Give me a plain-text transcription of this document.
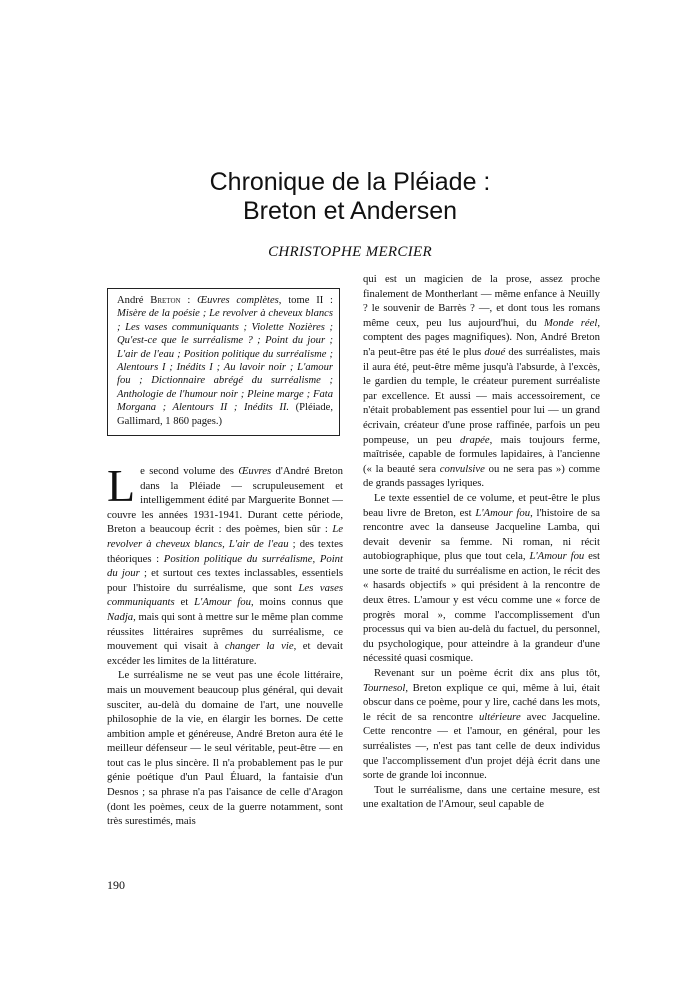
Chronique de la Pléiade :
Breton et Andersen
CHRISTOPHE MERCIER
André Breton : Œuvres complètes, tome II : Misère de la poésie ; Le revolver à cheveux blancs ; Les vases communiquants ; Violette Nozières ; Qu'est-ce que le surréalisme ? ; Point du jour ; L'air de l'eau ; Position politique du surréalisme ; Alentours I ; Inédits I ; Au lavoir noir ; L'amour fou ; Dictionnaire abrégé du surréalisme ; Anthologie de l'humour noir ; Pleine marge ; Fata Morgana ; Alentours II ; Inédits II. (Pléiade, Gallimard, 1 860 pages.)

Le second volume des Œuvres d'André Breton dans la Pléiade — scrupuleusement et intelligemment édité par Marguerite Bonnet — couvre les années 1931-1941. Durant cette période, Breton a beaucoup écrit : des poèmes, bien sûr : Le revolver à cheveux blancs, L'air de l'eau ; des textes théoriques : Position politique du surréalisme, Point du jour ; et surtout ces textes inclassables, essentiels pour l'histoire du surréalisme, que sont Les vases communiquants et L'Amour fou, moins connus que Nadja, mais qui sont à mettre sur le même plan comme réussites littéraires suprêmes du surréalisme, ce mouvement qui visait à changer la vie, et devait excéder les limites de la littérature.

Le surréalisme ne se veut pas une école littéraire, mais un mouvement beaucoup plus général, qui devait susciter, au-delà du domaine de l'art, une nouvelle philosophie de la vie, en élargir les bornes. De cette ambition ample et généreuse, André Breton aura été le meilleur défenseur — le seul véritable, peut-être — en tout cas le plus sincère. Il n'a probablement pas le pur génie poétique d'un Paul Éluard, la fantaisie d'un Desnos ; sa phrase n'a pas l'aisance de celle d'Aragon (dont les poèmes, ceux de la guerre notamment, sont très surestimés, mais

qui est un magicien de la prose, assez proche finalement de Montherlant — même enfance à Neuilly ? le souvenir de Barrès ? —, et dont tous les romans même ceux, peu lus aujourd'hui, du Monde réel, comptent des pages magnifiques). Non, André Breton n'a peut-être pas été le plus doué des surréalistes, mais il aura été, peut-être même jusqu'à l'absurde, à l'excès, le gardien du temple, le créateur purement surréaliste par excellence. Et aussi — mais accessoirement, ce n'était probablement pas essentiel pour lui — un grand écrivain, créateur d'une prose raffinée, parfois un peu pompeuse, un peu drapée, mais toujours ferme, maîtrisée, capable de formules lapidaires, à l'ancienne (« la beauté sera convulsive ou ne sera pas ») comme de grands passages lyriques.

Le texte essentiel de ce volume, et peut-être le plus beau livre de Breton, est L'Amour fou, l'histoire de sa rencontre avec la danseuse Jacqueline Lamba, qui devait devenir sa femme. Ni roman, ni récit autobiographique, plus que tout cela, L'Amour fou est une sorte de traité du surréalisme en action, le récit des « hasards objectifs » qui président à la rencontre de deux êtres. L'amour y est vécu comme une « force de progrès moral », comme l'accomplissement d'un processus qui va bien au-delà du factuel, du personnel, du psychologique, pour atteindre à la grandeur d'une nécessité quasi cosmique.

Revenant sur un poème écrit dix ans plus tôt, Tournesol, Breton explique ce qui, même à lui, était obscur dans ce poème, pour y lire, caché dans les mots, le récit de sa rencontre ultérieure avec Jacqueline. Cette rencontre — et l'amour, en général, pour les surréalistes —, n'est pas tant celle de deux individus que l'accomplissement d'un projet déjà écrit dans une sorte de grande loi inconnue.

Tout le surréalisme, dans une certaine mesure, est une exaltation de l'Amour, seul capable de

190
